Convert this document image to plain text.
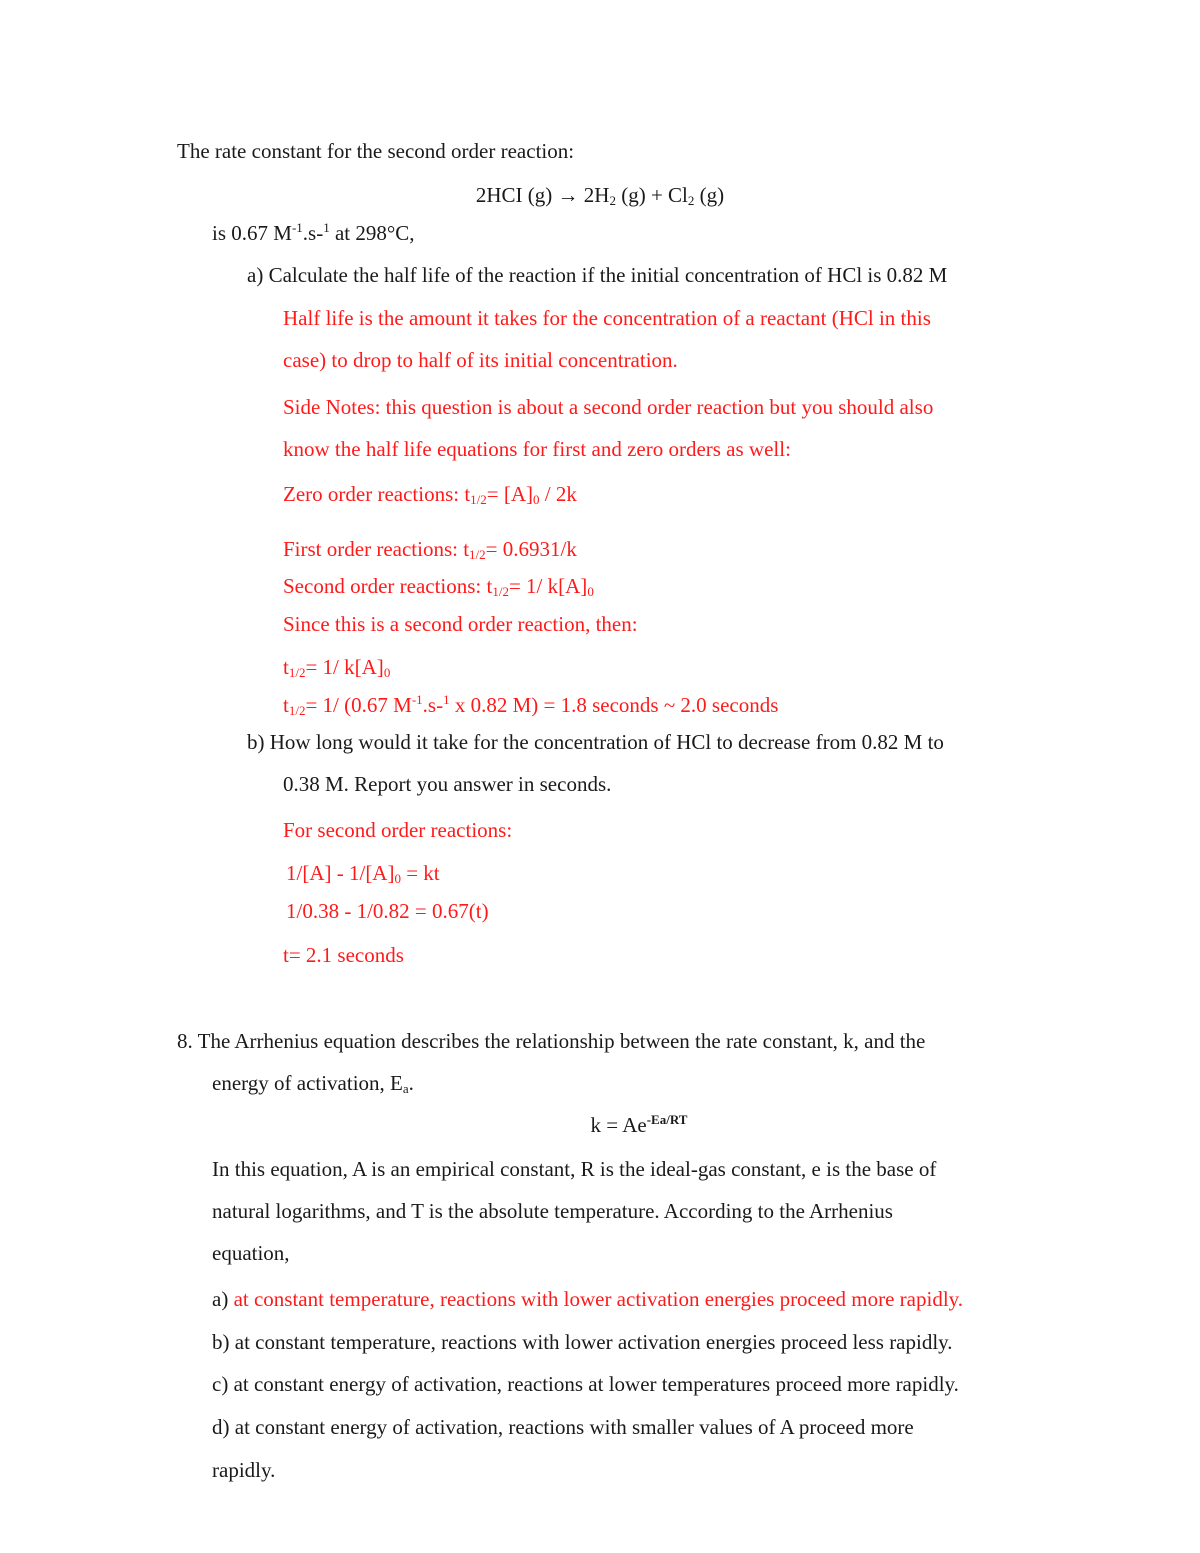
The rate constant for the second order reaction:
2HCI $(g) \to 2H_2$ $(g) + Cl_2$ (g)
is 0.67 $M^{-1}.s-^1$ at 298°C,
a) Calculate the half life of the reaction if the initial concentration of HCl is 0.82 M
Half life is the amount it takes for the concentration of a reactant (HCl in this
case) to drop to half of its initial concentration.
Side Notes: this question is about a second order reaction but you should also
know the half life equations for first and zero orders as well:
Zero order reactions: $t_{1/2}= [A]_0 / 2k$
First order reactions: $t_{1/2}= 0.6931/k$
Second order reactions: $t_{1/2}= 1/$ $k[A]_0$
Since this is a second order reaction, then:
$t_{1/2}= 1/$ $k[A]_0$
$t_{1/2}= 1/$ (0.67 $M^{-1}.s-^1$ x 0.82 M) = 1.8 seconds ~ 2.0 seconds
b) How long would it take for the concentration of HCl to decrease from 0.82 M to
0.38 M. Report you answer in seconds.
For second order reactions:
$1/[A] - 1/[A]_0$ = kt
1/0.38 - 1/0.82 = 0.67(t)
t= 2.1 seconds
8. The Arrhenius equation describes the relationship between the rate constant, k, and the
energy of activation, $E_a$.
$k = Ae^{-Ea/RT}$
In this equation, A is an empirical constant, R is the ideal-gas constant, e is the base of
natural logarithms, and T is the absolute temperature. According to the Arrhenius
equation,
a) at constant temperature, reactions with lower activation energies proceed more rapidly.
b) at constant temperature, reactions with lower activation energies proceed less rapidly.
c) at constant energy of activation, reactions at lower temperatures proceed more rapidly.
d) at constant energy of activation, reactions with smaller values of A proceed more
rapidly.
